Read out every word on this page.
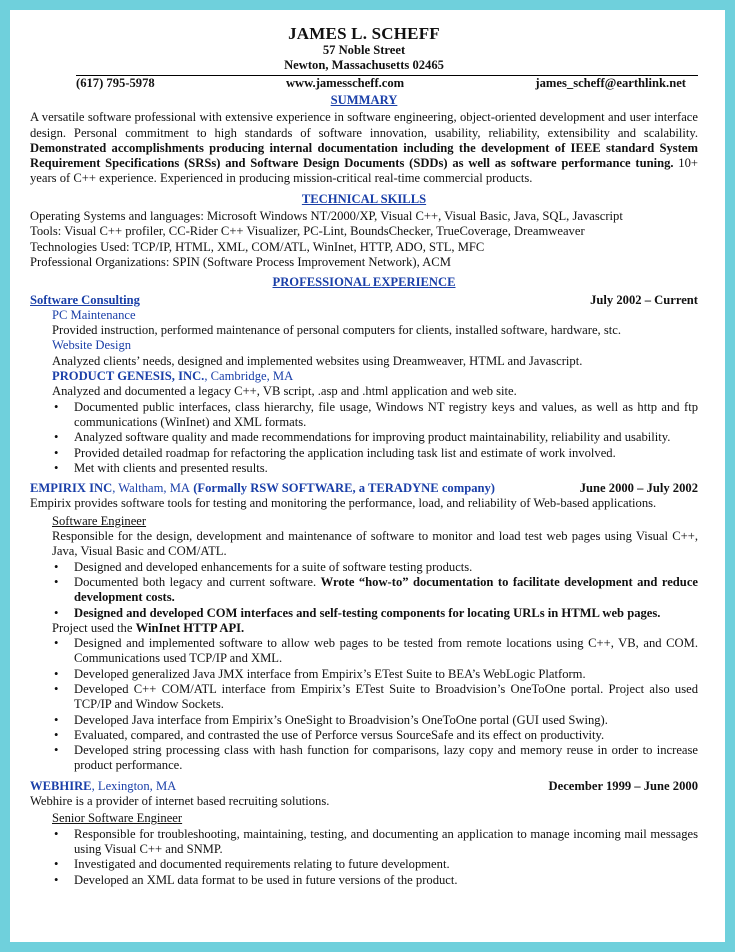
JAMES L. SCHEFF
57 Noble Street
Newton, Massachusetts 02465
(617) 795-5978	www.jamesscheff.com	james_scheff@earthlink.net
SUMMARY
A versatile software professional with extensive experience in software engineering, object-oriented development and user interface design. Personal commitment to high standards of software innovation, usability, reliability, extensibility and scalability. Demonstrated accomplishments producing internal documentation including the development of IEEE standard System Requirement Specifications (SRSs) and Software Design Documents (SDDs) as well as software performance tuning. 10+ years of C++ experience. Experienced in producing mission-critical real-time commercial products.
TECHNICAL SKILLS
Operating Systems and languages: Microsoft Windows NT/2000/XP, Visual C++, Visual Basic, Java, SQL, Javascript
Tools: Visual C++ profiler, CC-Rider C++ Visualizer, PC-Lint, BoundsChecker, TrueCoverage, Dreamweaver
Technologies Used: TCP/IP, HTML, XML, COM/ATL, WinInet, HTTP, ADO, STL, MFC
Professional Organizations: SPIN (Software Process Improvement Network), ACM
PROFESSIONAL EXPERIENCE
Software Consulting	July 2002 – Current
PC Maintenance
Provided instruction, performed maintenance of personal computers for clients, installed software, hardware, stc.
Website Design
Analyzed clients’ needs, designed and implemented websites using Dreamweaver, HTML and Javascript.
PRODUCT GENESIS, INC., Cambridge, MA
Analyzed and documented a legacy C++, VB script, .asp and .html application and web site.
• Documented public interfaces, class hierarchy, file usage, Windows NT registry keys and values, as well as http and ftp communications (WinInet) and XML formats.
• Analyzed software quality and made recommendations for improving product maintainability, reliability and usability.
• Provided detailed roadmap for refactoring the application including task list and estimate of work involved.
• Met with clients and presented results.
EMPIRIX INC, Waltham, MA (Formally RSW SOFTWARE, a TERADYNE company)	June 2000 – July 2002
Empirix provides software tools for testing and monitoring the performance, load, and reliability of Web-based applications.
Software Engineer
Responsible for the design, development and maintenance of software to monitor and load test web pages using Visual C++, Java, Visual Basic and COM/ATL.
• Designed and developed enhancements for a suite of software testing products.
• Documented both legacy and current software. Wrote “how-to” documentation to facilitate development and reduce development costs.
• Designed and developed COM interfaces and self-testing components for locating URLs in HTML web pages.
Project used the WinInet HTTP API.
• Designed and implemented software to allow web pages to be tested from remote locations using C++, VB, and COM. Communications used TCP/IP and XML.
• Developed generalized Java JMX interface from Empirix’s ETest Suite to BEA’s WebLogic Platform.
• Developed C++ COM/ATL interface from Empirix’s ETest Suite to Broadvision’s OneToOne portal. Project also used TCP/IP and Window Sockets.
• Developed Java interface from Empirix’s OneSight to Broadvision’s OneToOne portal (GUI used Swing).
• Evaluated, compared, and contrasted the use of Perforce versus SourceSafe and its effect on productivity.
• Developed string processing class with hash function for comparisons, lazy copy and memory reuse in order to increase product performance.
WEBHIRE, Lexington, MA	December 1999 – June 2000
Webhire is a provider of internet based recruiting solutions.
Senior Software Engineer
• Responsible for troubleshooting, maintaining, testing, and documenting an application to manage incoming mail messages using Visual C++ and SNMP.
• Investigated and documented requirements relating to future development.
• Developed an XML data format to be used in future versions of the product.
